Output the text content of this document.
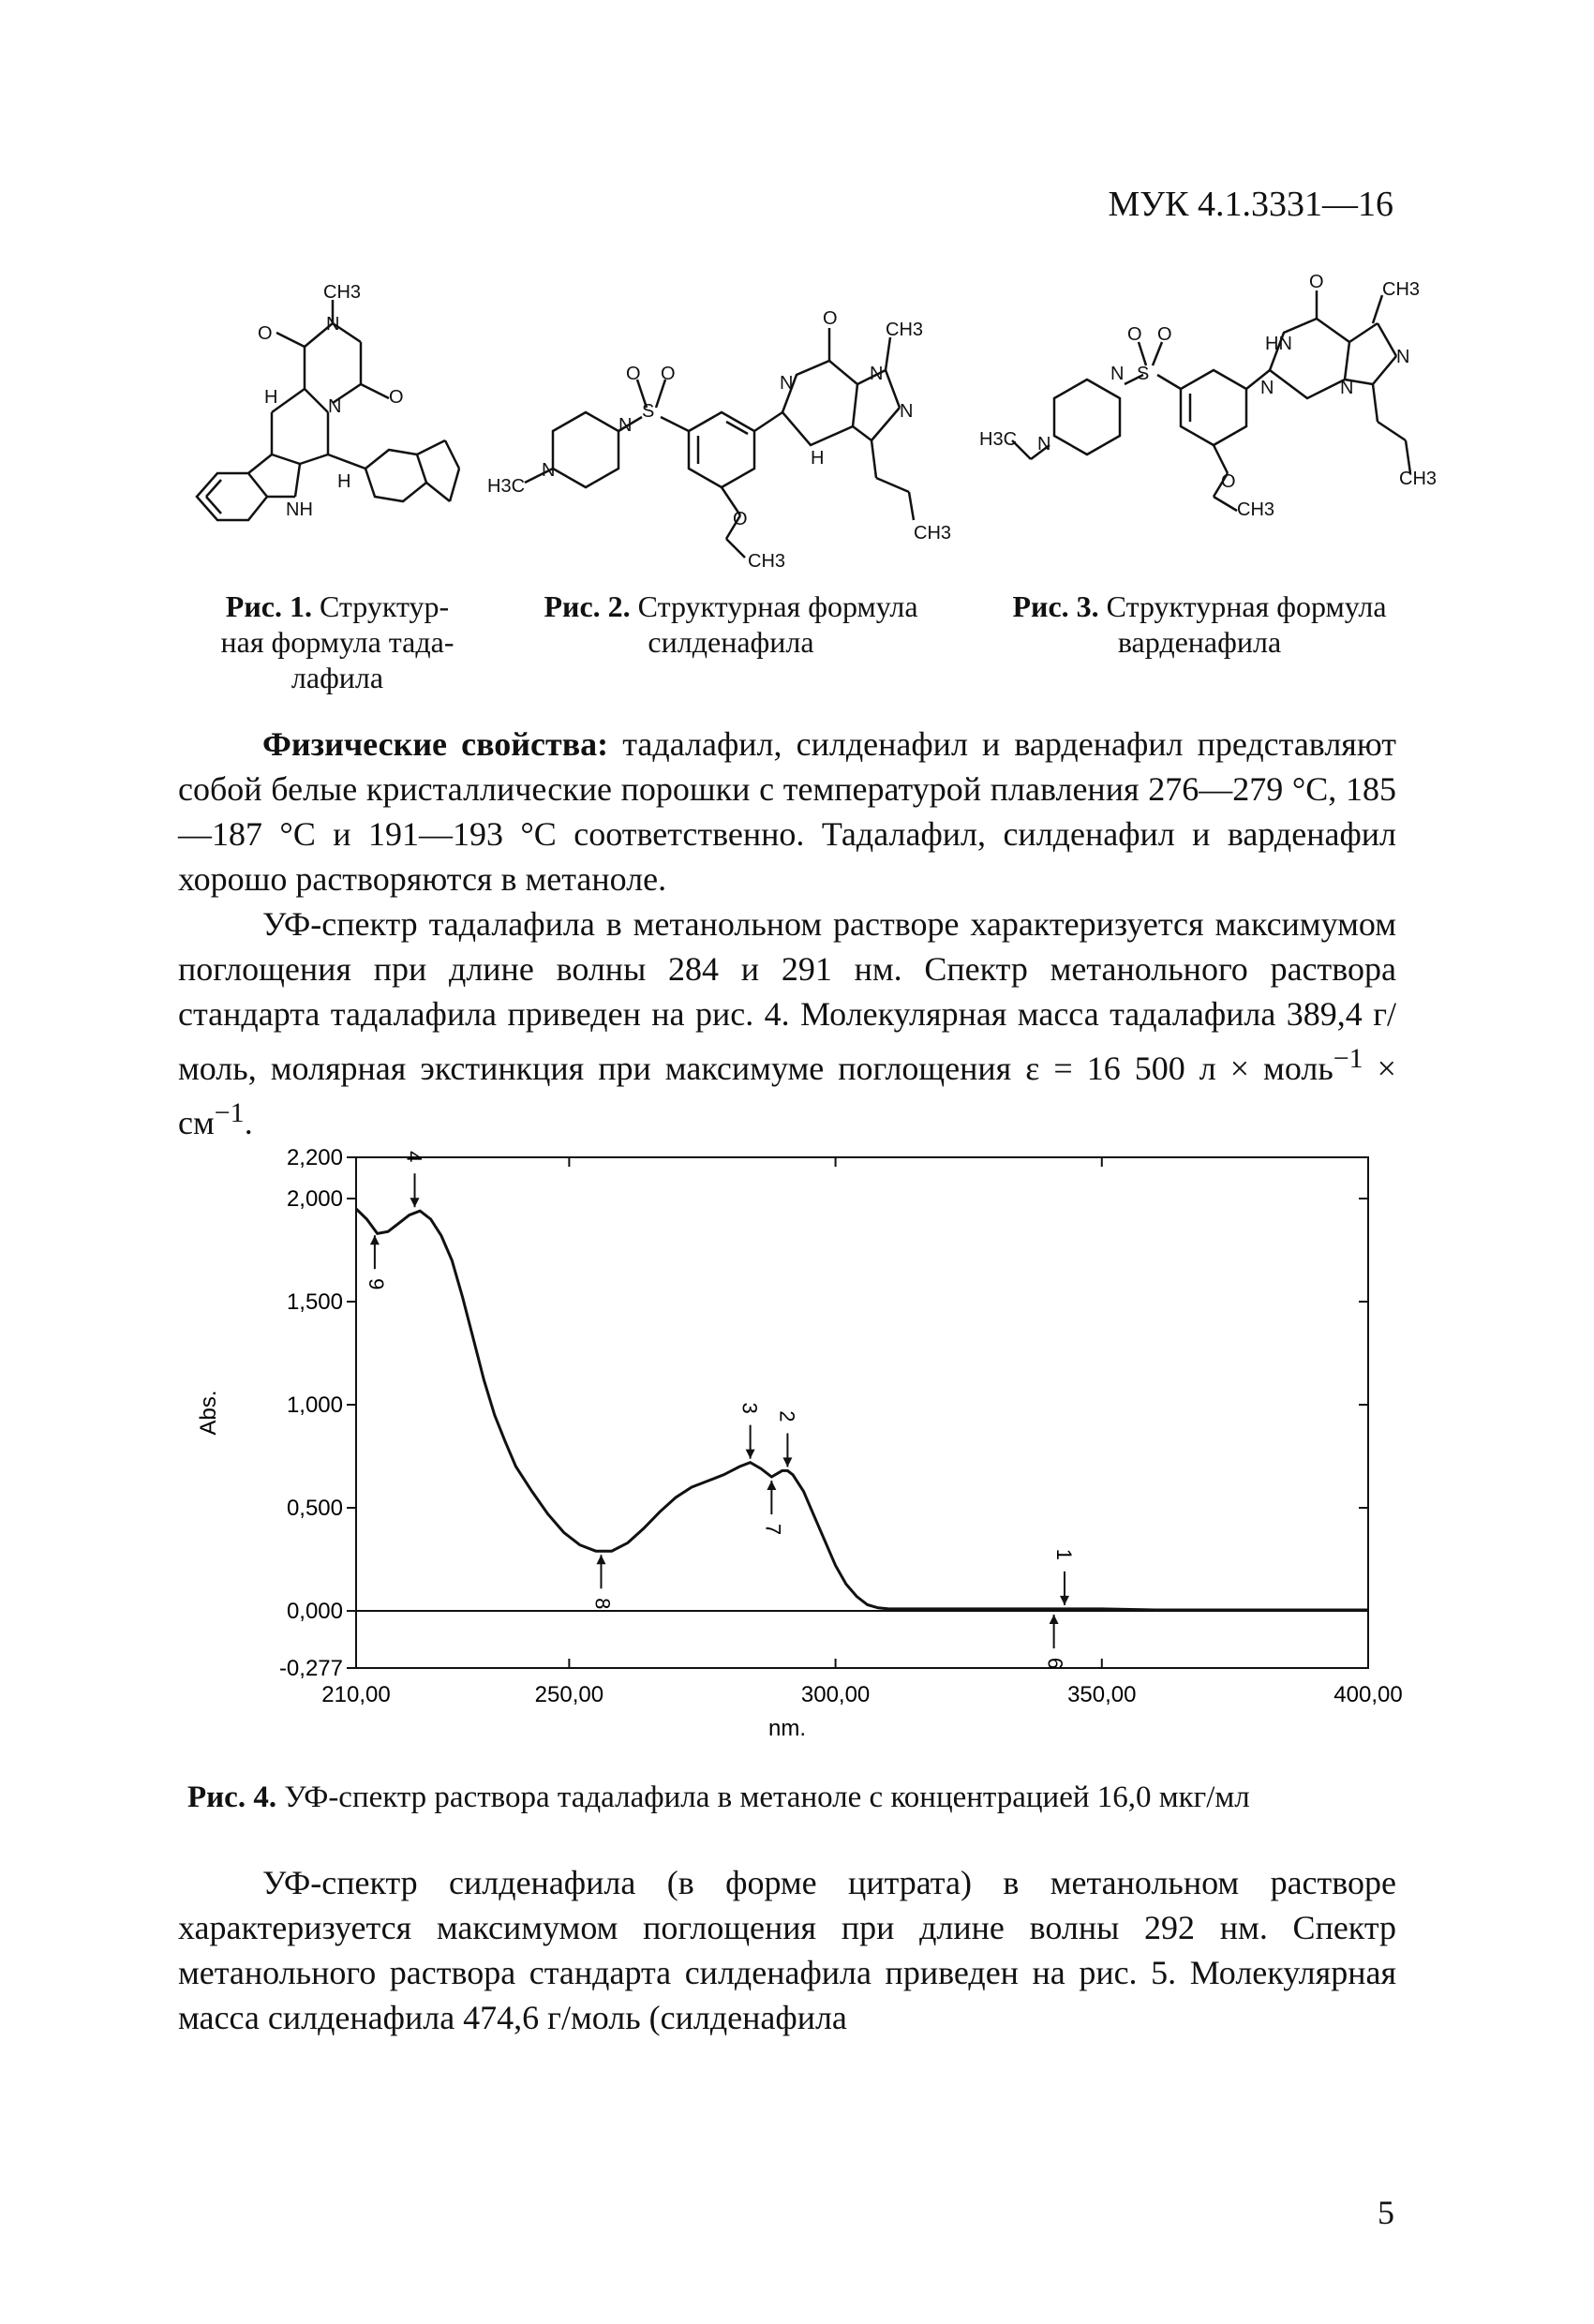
МУК 4.1.3331—16
CH3
O	N
H	N	O
NH
H
O
CH3
O O
N
N
S
H3C
N
N
N
H
O
CH3
CH3
O	CH3
HN
O O
N S
N
N
H3C N
N
O
CH3
CH3
Рис. 1. Структур-
ная формула тада-
лафила
Рис. 2. Структурная формула
силденафила
Рис. 3. Структурная формула
варденафила

Физические свойства: тадалафил, силденафил и варденафил представляют собой белые кристаллические порошки с температурой плавления 276—279 °C, 185—187 °C и 191—193 °C соответственно. Тадалафил, силденафил и варденафил хорошо растворяются в метаноле.

УФ-спектр тадалафила в метанольном растворе характеризуется максимумом поглощения при длине волны 284 и 291 нм. Спектр метанольного раствора стандарта тадалафила приведен на рис. 4. Молекулярная масса тадалафила 389,4 г/моль, молярная экстинкция при максимуме поглощения ε = 16 500 л × моль$^{-1}$ × $см^{-1}$.

2,200
2,000
1,500
1,000
0,500
0,000
-0,277
210,00	250,00	300,00	350,00	400,00
nm.
Abs.
4
9
3
2
7
8
1
6
Рис. 4. УФ-спектр раствора тадалафила в метаноле с концентрацией 16,0 мкг/мл

УФ-спектр силденафила (в форме цитрата) в метанольном растворе характеризуется максимумом поглощения при длине волны 292 нм. Спектр метанольного раствора стандарта силденафила приведен на рис. 5. Молекулярная масса силденафила 474,6 г/моль (силденафила

5
